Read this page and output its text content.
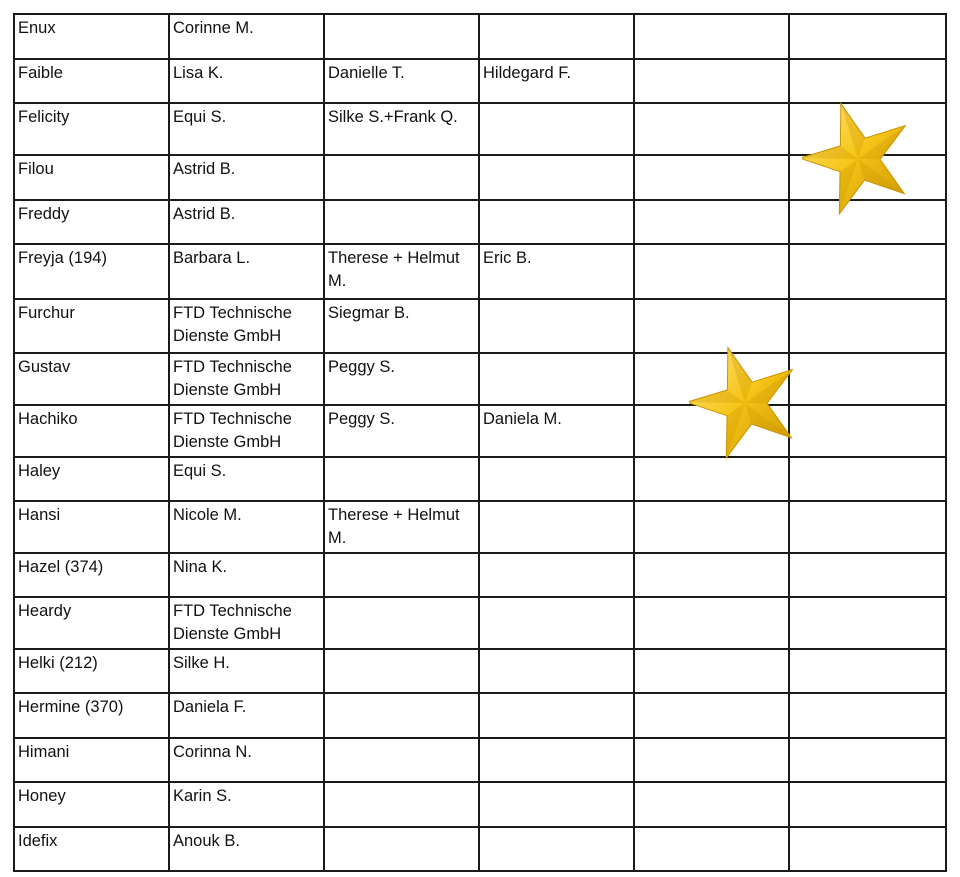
Enux	Corinne M.				
Faible	Lisa K.	Danielle T.	Hildegard F.		
Felicity	Equi S.	Silke S.+Frank Q.			
Filou	Astrid B.				
Freddy	Astrid B.				
Freyja (194)	Barbara L.	Therese + Helmut M.	Eric B.		
Furchur	FTD Technische Dienste GmbH	Siegmar B.			
Gustav	FTD Technische Dienste GmbH	Peggy S.			
Hachiko	FTD Technische Dienste GmbH	Peggy S.	Daniela M.		
Haley	Equi S.				
Hansi	Nicole M.	Therese + Helmut M.			
Hazel (374)	Nina K.				
Heardy	FTD Technische Dienste GmbH				
Helki (212)	Silke H.				
Hermine (370)	Daniela F.				
Himani	Corinna N.				
Honey	Karin S.				
Idefix	Anouk B.				
